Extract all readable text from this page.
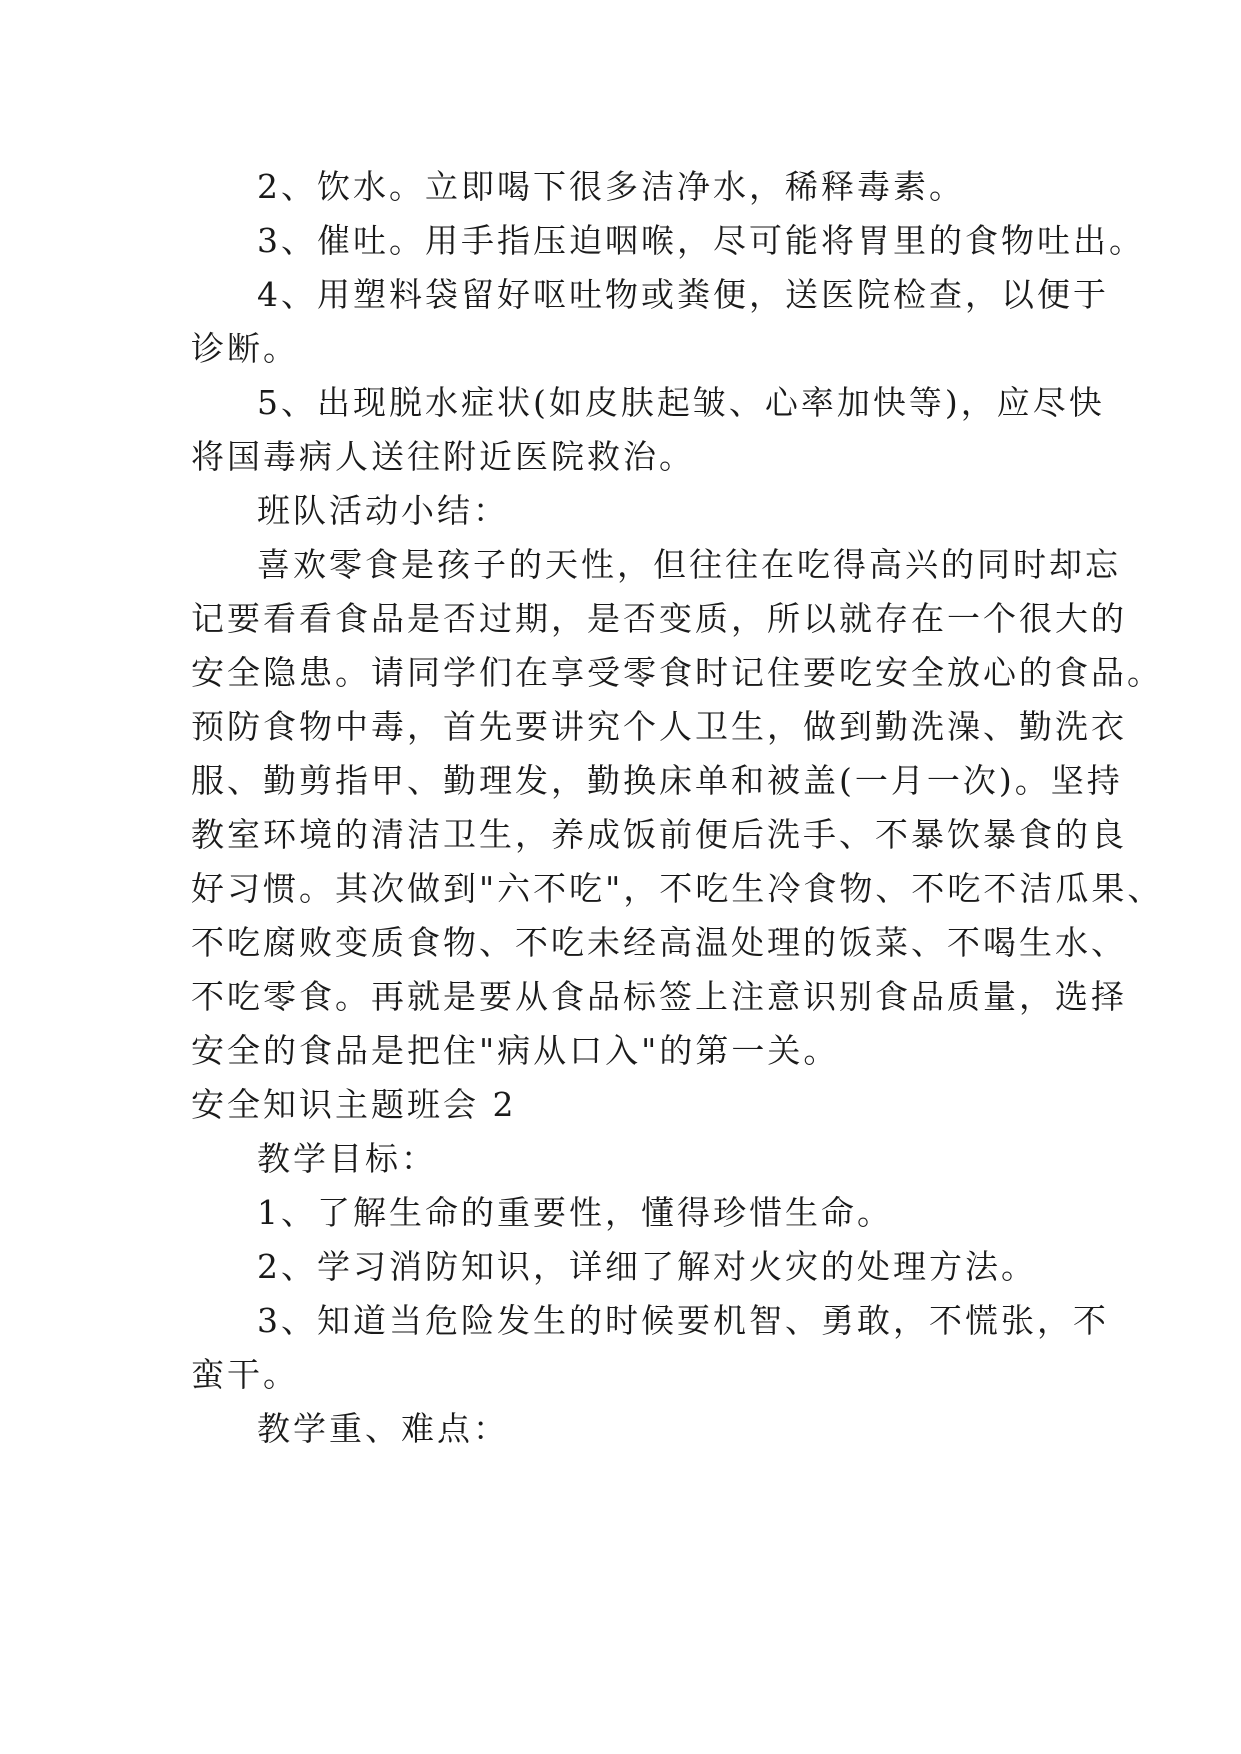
2、饮水。立即喝下很多洁净水，稀释毒素。
3、催吐。用手指压迫咽喉，尽可能将胃里的食物吐出。
4、用塑料袋留好呕吐物或粪便，送医院检查，以便于
诊断。
5、出现脱水症状(如皮肤起皱、心率加快等)，应尽快
将国毒病人送往附近医院救治。
班队活动小结：
喜欢零食是孩子的天性，但往往在吃得高兴的同时却忘
记要看看食品是否过期，是否变质，所以就存在一个很大的
安全隐患。请同学们在享受零食时记住要吃安全放心的食品。
预防食物中毒，首先要讲究个人卫生，做到勤洗澡、勤洗衣
服、勤剪指甲、勤理发，勤换床单和被盖(一月一次)。坚持
教室环境的清洁卫生，养成饭前便后洗手、不暴饮暴食的良
好习惯。其次做到"六不吃"，不吃生冷食物、不吃不洁瓜果、
不吃腐败变质食物、不吃未经高温处理的饭菜、不喝生水、
不吃零食。再就是要从食品标签上注意识别食品质量，选择
安全的食品是把住"病从口入"的第一关。
安全知识主题班会 2
教学目标：
1、了解生命的重要性，懂得珍惜生命。
2、学习消防知识，详细了解对火灾的处理方法。
3、知道当危险发生的时候要机智、勇敢，不慌张，不
蛮干。
教学重、难点：
